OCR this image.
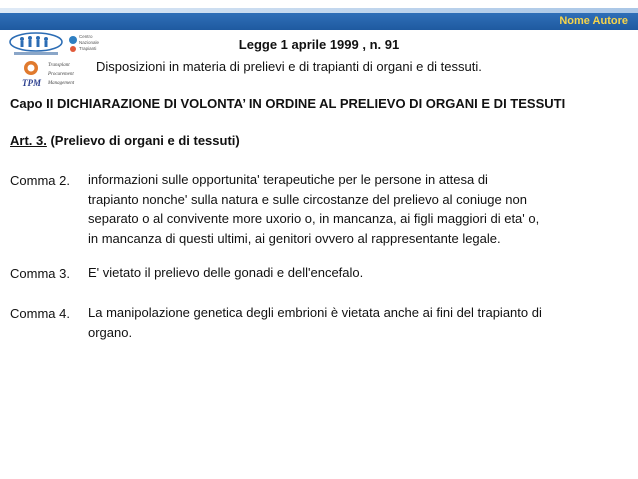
Nome Autore
Centro
Nazionale
Trapianti
TPM
Transplant
Procurement
Management
Legge 1 aprile 1999 , n. 91
Disposizioni in materia di prelievi e di trapianti di organi e di tessuti.
Capo II DICHIARAZIONE DI VOLONTA’ IN ORDINE AL PRELIEVO DI ORGANI E DI TESSUTI
Art. 3. (Prelievo di organi e di tessuti)
Comma 2. informazioni sulle opportunita' terapeutiche per le persone in attesa di
trapianto nonche' sulla natura e sulle circostanze del prelievo al coniuge non
separato o al convivente more uxorio o, in mancanza, ai figli maggiori di eta' o,
in mancanza di questi ultimi, ai genitori ovvero al rappresentante legale.
Comma 3. E' vietato il prelievo delle gonadi e dell'encefalo.
Comma 4. La manipolazione genetica degli embrioni è vietata anche ai fini del trapianto di
organo.
